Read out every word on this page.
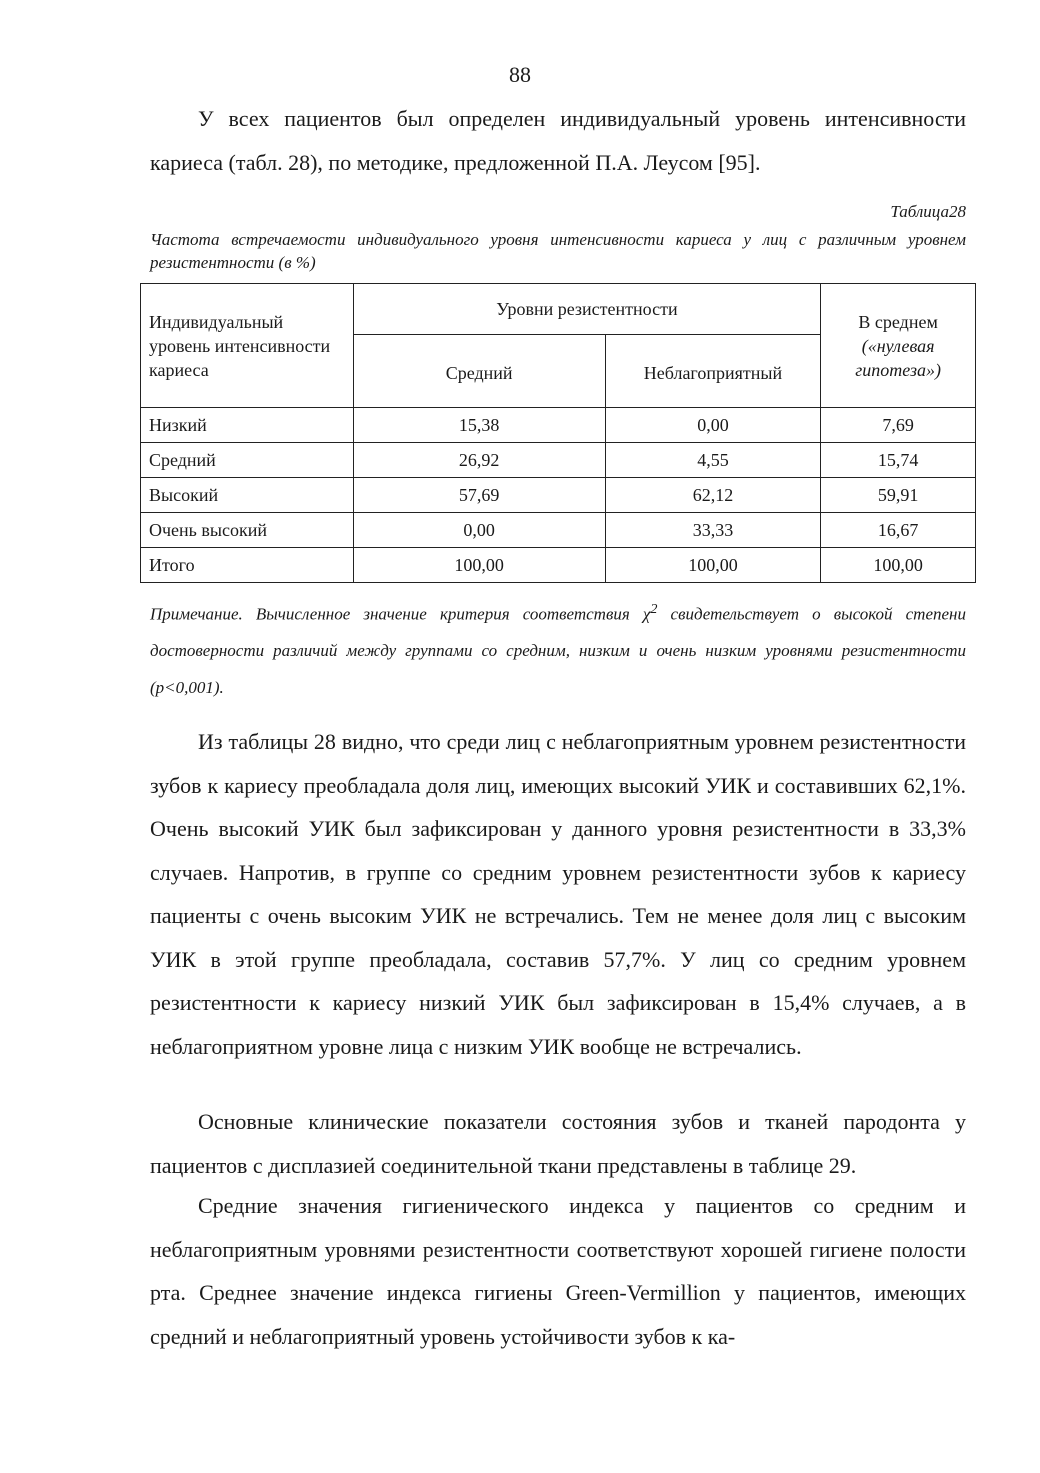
88

У всех пациентов был определен индивидуальный уровень интенсивности кариеса (табл. 28), по методике, предложенной П.А. Леусом [95].

Таблица28

Частота встречаемости индивидуального уровня интенсивности кариеса у лиц с различным уровнем резистентности (в %)

Индивидуальный уровень интенсивности кариеса	Уровни резистентности		В среднем
(«нулевая гипотеза»)

	Средний	Неблагоприятный	
Низкий	15,38	0,00	7,69
Средний	26,92	4,55	15,74
Высокий	57,69	62,12	59,91
Очень высокий	0,00	33,33	16,67
Итого	100,00	100,00	100,00

Примечание. Вычисленное значение критерия соответствия $\chi^2$ свидетельствует о высокой степени достоверности различий между группами со средним, низким и очень низким уровнями резистентности (p<0,001).

Из таблицы 28 видно, что среди лиц с неблагоприятным уровнем резистентности зубов к кариесу преобладала доля лиц, имеющих высокий УИК и составивших 62,1%. Очень высокий УИК был зафиксирован у данного уровня резистентности в 33,3% случаев. Напротив, в группе со средним уровнем резистентности зубов к кариесу пациенты с очень высоким УИК не встречались. Тем не менее доля лиц с высоким УИК в этой группе преобладала, составив 57,7%. У лиц со средним уровнем резистентности к кариесу низкий УИК был зафиксирован в 15,4% случаев, а в неблагоприятном уровне лица с низким УИК вообще не встречались.

Основные клинические показатели состояния зубов и тканей пародонта у пациентов с дисплазией соединительной ткани представлены в таблице 29.

Средние значения гигиенического индекса у пациентов со средним и неблагоприятным уровнями резистентности соответствуют хорошей гигиене полости рта. Среднее значение индекса гигиены Green-Vermillion у пациентов, имеющих средний и неблагоприятный уровень устойчивости зубов к ка-
